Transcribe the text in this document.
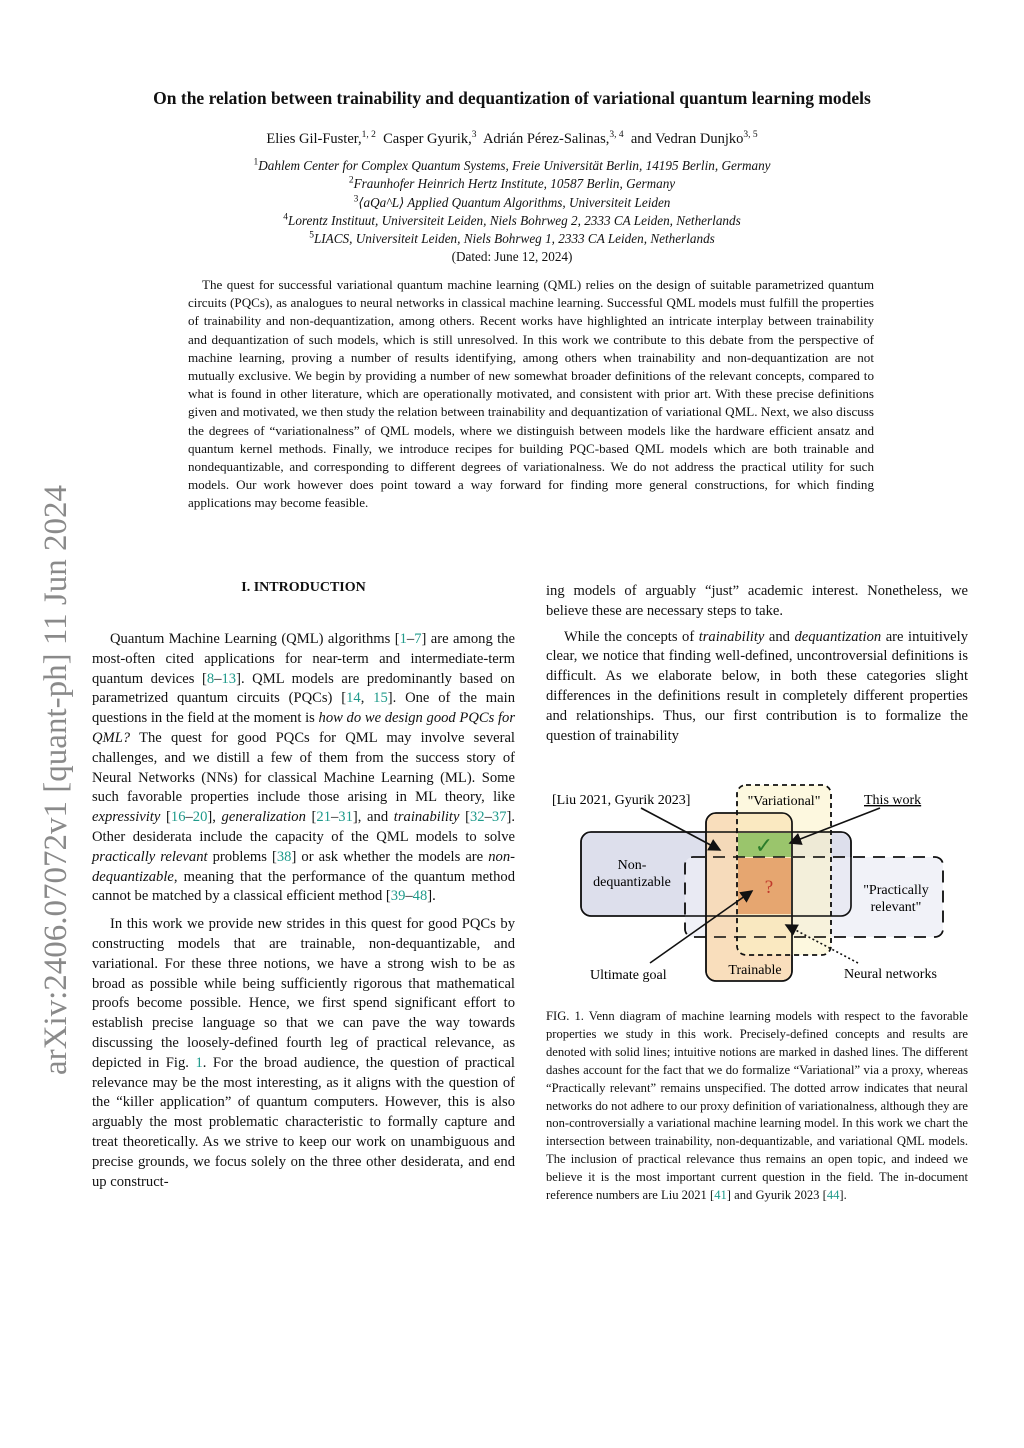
arXiv:2406.07072v1 [quant-ph] 11 Jun 2024
On the relation between trainability and dequantization of variational quantum learning models
Elies Gil-Fuster,$^{1, 2}$ Casper Gyurik,$^3$ Adrián Pérez-Salinas,$^{3, 4}$ and Vedran Dunjko$^{3, 5}$
$^1$Dahlem Center for Complex Quantum Systems, Freie Universität Berlin, 14195 Berlin, Germany
$^2$Fraunhofer Heinrich Hertz Institute, 10587 Berlin, Germany
$^3$⟨aQa^L⟩ Applied Quantum Algorithms, Universiteit Leiden
$^4$Lorentz Instituut, Universiteit Leiden, Niels Bohrweg 2, 2333 CA Leiden, Netherlands
$^5$LIACS, Universiteit Leiden, Niels Bohrweg 1, 2333 CA Leiden, Netherlands
(Dated: June 12, 2024)

The quest for successful variational quantum machine learning (QML) relies on the design of suitable parametrized quantum circuits (PQCs), as analogues to neural networks in classical machine learning. Successful QML models must fulfill the properties of trainability and non-dequantization, among others. Recent works have highlighted an intricate interplay between trainability and dequantization of such models, which is still unresolved. In this work we contribute to this debate from the perspective of machine learning, proving a number of results identifying, among others when trainability and non-dequantization are not mutually exclusive. We begin by providing a number of new somewhat broader definitions of the relevant concepts, compared to what is found in other literature, which are operationally motivated, and consistent with prior art. With these precise definitions given and motivated, we then study the relation between trainability and dequantization of variational QML. Next, we also discuss the degrees of “variationalness” of QML models, where we distinguish between models like the hardware efficient ansatz and quantum kernel methods. Finally, we introduce recipes for building PQC-based QML models which are both trainable and nondequantizable, and corresponding to different degrees of variationalness. We do not address the practical utility for such models. Our work however does point toward a way forward for finding more general constructions, for which finding applications may become feasible.

I. INTRODUCTION

Quantum Machine Learning (QML) algorithms [1–7] are among the most-often cited applications for near-term and intermediate-term quantum devices [8–13]. QML models are predominantly based on parametrized quantum circuits (PQCs) [14, 15]. One of the main questions in the field at the moment is how do we design good PQCs for QML? The quest for good PQCs for QML may involve several challenges, and we distill a few of them from the success story of Neural Networks (NNs) for classical Machine Learning (ML). Some such favorable properties include those arising in ML theory, like expressivity [16–20], generalization [21–31], and trainability [32–37]. Other desiderata include the capacity of the QML models to solve practically relevant problems [38] or ask whether the models are non-dequantizable, meaning that the performance of the quantum method cannot be matched by a classical efficient method [39–48].

In this work we provide new strides in this quest for good PQCs by constructing models that are trainable, non-dequantizable, and variational. For these three notions, we have a strong wish to be as broad as possible while being sufficiently rigorous that mathematical proofs become possible. Hence, we first spend significant effort to establish precise language so that we can pave the way towards discussing the loosely-defined fourth leg of practical relevance, as depicted in Fig. 1. For the broad audience, the question of practical relevance may be the most interesting, as it aligns with the question of the “killer application” of quantum computers. However, this is also arguably the most problematic characteristic to formally capture and treat theoretically. As we strive to keep our work on unambiguous and precise grounds, we focus solely on the three other desiderata, and end up construct-

ing models of arguably “just” academic interest. Nonetheless, we believe these are necessary steps to take.

While the concepts of trainability and dequantization are intuitively clear, we notice that finding well-defined, uncontroversial definitions is difficult. As we elaborate below, in both these categories slight differences in the definitions result in completely different properties and relationships. Thus, our first contribution is to formalize the question of trainability

✓
?
[Liu 2021, Gyurik 2023]	"Variational"	This work
Non-
dequantizable
"Practically
relevant"
Trainable
Ultimate goal	Neural networks

FIG. 1. Venn diagram of machine learning models with respect to the favorable properties we study in this work. Precisely-defined concepts and results are denoted with solid lines; intuitive notions are marked in dashed lines. The different dashes account for the fact that we do formalize “Variational” via a proxy, whereas “Practically relevant” remains unspecified. The dotted arrow indicates that neural networks do not adhere to our proxy definition of variationalness, although they are non-controversially a variational machine learning model. In this work we chart the intersection between trainability, non-dequantizable, and variational QML models. The inclusion of practical relevance thus remains an open topic, and indeed we believe it is the most important current question in the field. The in-document reference numbers are Liu 2021 [41] and Gyurik 2023 [44].
